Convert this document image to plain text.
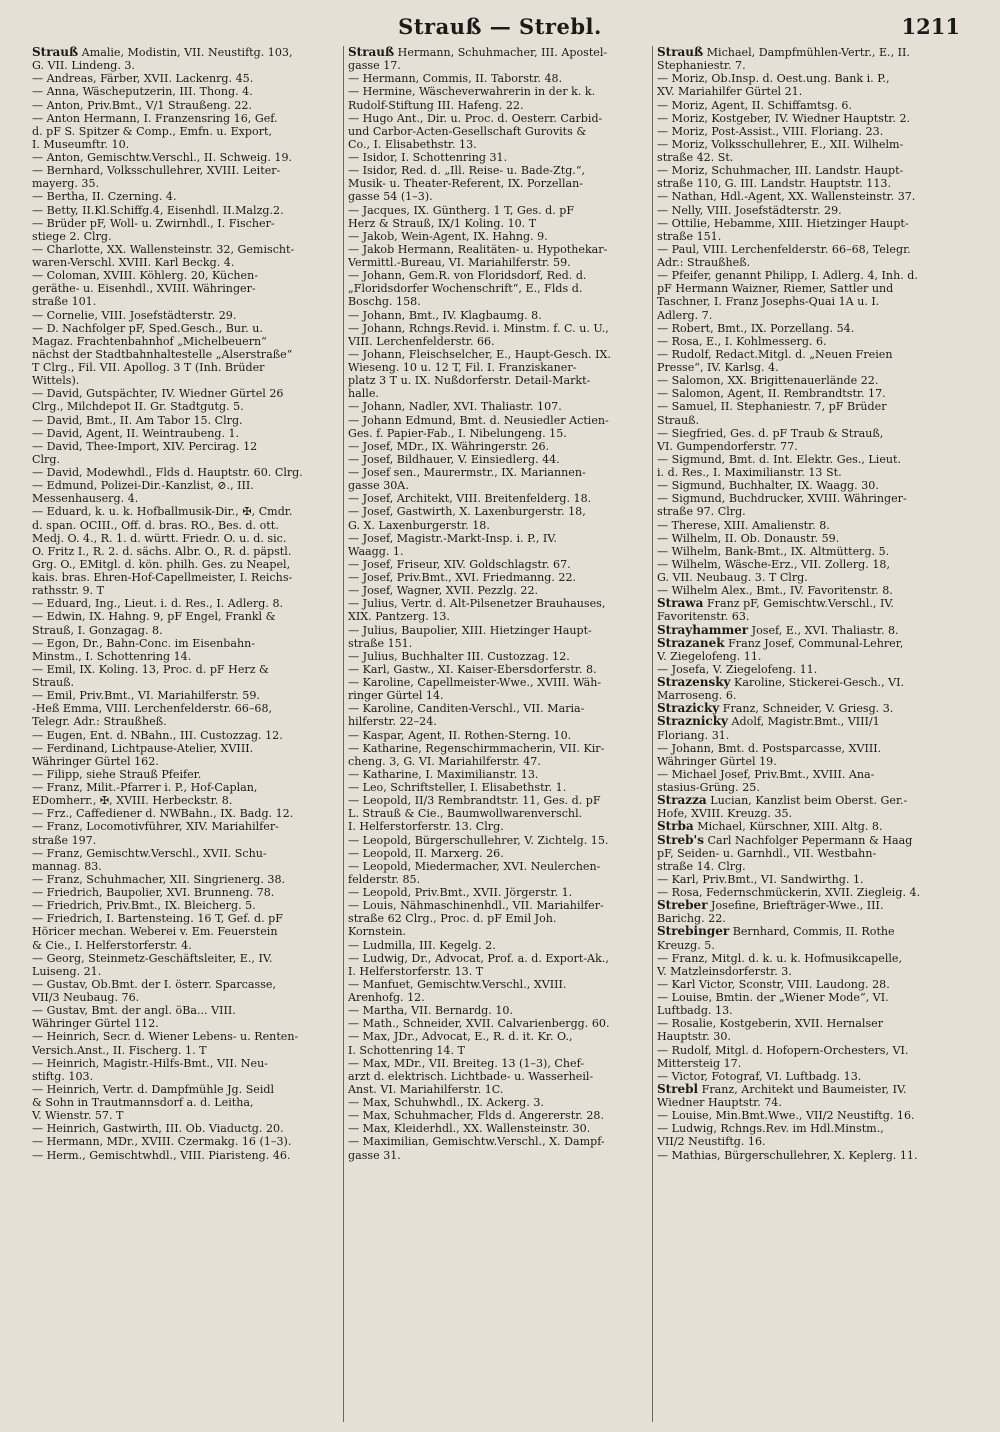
Strauß — Strebl.	1211
Strauß Amalie, Modistin, VII. Neustiftg. 103,
G. VII. Lindeng. 3.
— Andreas, Färber, XVII. Lackenrg. 45.
— Anna, Wäscheputzerin, III. Thong. 4.
— Anton, Priv.Bmt., V/1 Straußeng. 22.
— Anton Hermann, I. Franzensring 16, Gef.
d. pF S. Spitzer & Comp., Emfn. u. Export,
I. Museumftr. 10.
— Anton, Gemischtw.Verschl., II. Schweig. 19.
— Bernhard, Volksschullehrer, XVIII. Leiter-
mayerg. 35.
— Bertha, II. Czerning. 4.
— Betty, II.Kl.Schiffg.4, Eisenhdl. II.Malzg.2.
— Brüder pF, Woll- u. Zwirnhdl., I. Fischer-
stiege 2. Clrg.
— Charlotte, XX. Wallensteinstr. 32, Gemischt-
waren-Verschl. XVIII. Karl Beckg. 4.
— Coloman, XVIII. Köhlerg. 20, Küchen-
geräthe- u. Eisenhdl., XVIII. Währinger-
straße 101.
— Cornelie, VIII. Josefstädterstr. 29.
— D. Nachfolger pF, Sped.Gesch., Bur. u.
Magaz. Frachtenbahnhof „Michelbeuern“
nächst der Stadtbahnhaltestelle „Alserstraße“
T Clrg., Fil. VII. Apollog. 3 T (Inh. Brüder
Wittels).
— David, Gutspächter, IV. Wiedner Gürtel 26
Clrg., Milchdepot II. Gr. Stadtgutg. 5.
— David, Bmt., II. Am Tabor 15. Clrg.
— David, Agent, II. Weintraubeng. 1.
— David, Thee-Import, XIV. Percirag. 12
Clrg.
— David, Modewhdl., Flds d. Hauptstr. 60. Clrg.
— Edmund, Polizei-Dir.-Kanzlist, ⊘., III.
Messenhauserg. 4.
— Eduard, k. u. k. Hofballmusik-Dir., ✠, Cmdr.
d. span. OCIII., Off. d. bras. RO., Bes. d. ott.
Medj. O. 4., R. 1. d. württ. Friedr. O. u. d. sic.
O. Fritz I., R. 2. d. sächs. Albr. O., R. d. päpstl.
Grg. O., EMitgl. d. kön. philh. Ges. zu Neapel,
kais. bras. Ehren-Hof-Capellmeister, I. Reichs-
rathsstr. 9. T
— Eduard, Ing., Lieut. i. d. Res., I. Adlerg. 8.
— Edwin, IX. Hahng. 9, pF Engel, Frankl &
Strauß, I. Gonzagag. 8.
— Egon, Dr., Bahn-Conc. im Eisenbahn-
Minstm., I. Schottenring 14.
— Emil, IX. Koling. 13, Proc. d. pF Herz &
Strauß.
— Emil, Priv.Bmt., VI. Mariahilferstr. 59.
-Heß Emma, VIII. Lerchenfelderstr. 66–68,
Telegr. Adr.: Straußheß.
— Eugen, Ent. d. NBahn., III. Custozzag. 12.
— Ferdinand, Lichtpause-Atelier, XVIII.
Währinger Gürtel 162.
— Filipp, siehe Strauß Pfeifer.
— Franz, Milit.-Pfarrer i. P., Hof-Caplan,
EDomherr., ✠, XVIII. Herbeckstr. 8.
— Frz., Caffediener d. NWBahn., IX. Badg. 12.
— Franz, Locomotivführer, XIV. Mariahilfer-
straße 197.
— Franz, Gemischtw.Verschl., XVII. Schu-
mannag. 83.
— Franz, Schuhmacher, XII. Singrienerg. 38.
— Friedrich, Baupolier, XVI. Brunneng. 78.
— Friedrich, Priv.Bmt., IX. Bleicherg. 5.
— Friedrich, I. Bartensteing. 16 T, Gef. d. pF
Höricer mechan. Weberei v. Em. Feuerstein
& Cie., I. Helferstorferstr. 4.
— Georg, Steinmetz-Geschäftsleiter, E., IV.
Luiseng. 21.
— Gustav, Ob.Bmt. der I. österr. Sparcasse,
VII/3 Neubaug. 76.
— Gustav, Bmt. der angl. öBa... VIII.
Währinger Gürtel 112.
— Heinrich, Secr. d. Wiener Lebens- u. Renten-
Versich.Anst., II. Fischerg. 1. T
— Heinrich, Magistr.-Hilfs-Bmt., VII. Neu-
stiftg. 103.
— Heinrich, Vertr. d. Dampfmühle Jg. Seidl
& Sohn in Trautmannsdorf a. d. Leitha,
V. Wienstr. 57. T
— Heinrich, Gastwirth, III. Ob. Viaductg. 20.
— Hermann, MDr., XVIII. Czermakg. 16 (1–3).
— Herm., Gemischtwhdl., VIII. Piaristeng. 46.
Strauß Hermann, Schuhmacher, III. Apostel-
gasse 17.
— Hermann, Commis, II. Taborstr. 48.
— Hermine, Wäscheverwahrerin in der k. k.
Rudolf-Stiftung III. Hafeng. 22.
— Hugo Ant., Dir. u. Proc. d. Oesterr. Carbid-
und Carbor-Acten-Gesellschaft Gurovits &
Co., I. Elisabethstr. 13.
— Isidor, I. Schottenring 31.
— Isidor, Red. d. „Ill. Reise- u. Bade-Ztg.“,
Musik- u. Theater-Referent, IX. Porzellan-
gasse 54 (1–3).
— Jacques, IX. Güntherg. 1 T, Ges. d. pF
Herz & Strauß, IX/1 Koling. 10. T
— Jakob, Wein-Agent, IX. Hahng. 9.
— Jakob Hermann, Realitäten- u. Hypothekar-
Vermittl.-Bureau, VI. Mariahilferstr. 59.
— Johann, Gem.R. von Floridsdorf, Red. d.
„Floridsdorfer Wochenschrift“, E., Flds d.
Boschg. 158.
— Johann, Bmt., IV. Klagbaumg. 8.
— Johann, Rchngs.Revid. i. Minstm. f. C. u. U.,
VIII. Lerchenfelderstr. 66.
— Johann, Fleischselcher, E., Haupt-Gesch. IX.
Wieseng. 10 u. 12 T, Fil. I. Franziskaner-
platz 3 T u. IX. Nußdorferstr. Detail-Markt-
halle.
— Johann, Nadler, XVI. Thaliastr. 107.
— Johann Edmund, Bmt. d. Neusiedler Actien-
Ges. f. Papier-Fab., I. Nibelungeng. 15.
— Josef, MDr., IX. Währingerstr. 26.
— Josef, Bildhauer, V. Einsiedlerg. 44.
— Josef sen., Maurermstr., IX. Mariannen-
gasse 30A.
— Josef, Architekt, VIII. Breitenfelderg. 18.
— Josef, Gastwirth, X. Laxenburgerstr. 18,
G. X. Laxenburgerstr. 18.
— Josef, Magistr.-Markt-Insp. i. P., IV.
Waagg. 1.
— Josef, Friseur, XIV. Goldschlagstr. 67.
— Josef, Priv.Bmt., XVI. Friedmanng. 22.
— Josef, Wagner, XVII. Pezzlg. 22.
— Julius, Vertr. d. Alt-Pilsenetzer Brauhauses,
XIX. Pantzerg. 13.
— Julius, Baupolier, XIII. Hietzinger Haupt-
straße 151.
— Julius, Buchhalter III. Custozzag. 12.
— Karl, Gastw., XI. Kaiser-Ebersdorferstr. 8.
— Karoline, Capellmeister-Wwe., XVIII. Wäh-
ringer Gürtel 14.
— Karoline, Canditen-Verschl., VII. Maria-
hilferstr. 22–24.
— Kaspar, Agent, II. Rothen-Sterng. 10.
— Katharine, Regenschirmmacherin, VII. Kir-
cheng. 3, G. VI. Mariahilferstr. 47.
— Katharine, I. Maximilianstr. 13.
— Leo, Schriftsteller, I. Elisabethstr. 1.
— Leopold, II/3 Rembrandtstr. 11, Ges. d. pF
L. Strauß & Cie., Baumwollwarenverschl.
I. Helferstorferstr. 13. Clrg.
— Leopold, Bürgerschullehrer, V. Zichtelg. 15.
— Leopold, II. Marxerg. 26.
— Leopold, Miedermacher, XVI. Neulerchen-
felderstr. 85.
— Leopold, Priv.Bmt., XVII. Jörgerstr. 1.
— Louis, Nähmaschinenhdl., VII. Mariahilfer-
straße 62 Clrg., Proc. d. pF Emil Joh.
Kornstein.
— Ludmilla, III. Kegelg. 2.
— Ludwig, Dr., Advocat, Prof. a. d. Export-Ak.,
I. Helferstorferstr. 13. T
— Manfuet, Gemischtw.Verschl., XVIII.
Arenhofg. 12.
— Martha, VII. Bernardg. 10.
— Math., Schneider, XVII. Calvarienbergg. 60.
— Max, JDr., Advocat, E., R. d. it. Kr. O.,
I. Schottenring 14. T
— Max, MDr., VII. Breiteg. 13 (1–3), Chef-
arzt d. elektrisch. Lichtbade- u. Wasserheil-
Anst. VI. Mariahilferstr. 1C.
— Max, Schuhwhdl., IX. Ackerg. 3.
— Max, Schuhmacher, Flds d. Angererstr. 28.
— Max, Kleiderhdl., XX. Wallensteinstr. 30.
— Maximilian, Gemischtw.Verschl., X. Dampf-
gasse 31.
Strauß Michael, Dampfmühlen-Vertr., E., II.
Stephaniestr. 7.
— Moriz, Ob.Insp. d. Oest.ung. Bank i. P.,
XV. Mariahilfer Gürtel 21.
— Moriz, Agent, II. Schiffamtsg. 6.
— Moriz, Kostgeber, IV. Wiedner Hauptstr. 2.
— Moriz, Post-Assist., VIII. Floriang. 23.
— Moriz, Volksschullehrer, E., XII. Wilhelm-
straße 42. St.
— Moriz, Schuhmacher, III. Landstr. Haupt-
straße 110, G. III. Landstr. Hauptstr. 113.
— Nathan, Hdl.-Agent, XX. Wallensteinstr. 37.
— Nelly, VIII. Josefstädterstr. 29.
— Ottilie, Hebamme, XIII. Hietzinger Haupt-
straße 151.
— Paul, VIII. Lerchenfelderstr. 66–68, Telegr.
Adr.: Straußheß.
— Pfeifer, genannt Philipp, I. Adlerg. 4, Inh. d.
pF Hermann Waizner, Riemer, Sattler und
Taschner, I. Franz Josephs-Quai 1A u. I.
Adlerg. 7.
— Robert, Bmt., IX. Porzellang. 54.
— Rosa, E., I. Kohlmesserg. 6.
— Rudolf, Redact.Mitgl. d. „Neuen Freien
Presse“, IV. Karlsg. 4.
— Salomon, XX. Brigittenauerlände 22.
— Salomon, Agent, II. Rembrandtstr. 17.
— Samuel, II. Stephaniestr. 7, pF Brüder
Strauß.
— Siegfried, Ges. d. pF Traub & Strauß,
VI. Gumpendorferstr. 77.
— Sigmund, Bmt. d. Int. Elektr. Ges., Lieut.
i. d. Res., I. Maximilianstr. 13 St.
— Sigmund, Buchhalter, IX. Waagg. 30.
— Sigmund, Buchdrucker, XVIII. Währinger-
straße 97. Clrg.
— Therese, XIII. Amalienstr. 8.
— Wilhelm, II. Ob. Donaustr. 59.
— Wilhelm, Bank-Bmt., IX. Altmütterg. 5.
— Wilhelm, Wäsche-Erz., VII. Zollerg. 18,
G. VII. Neubaug. 3. T Clrg.
— Wilhelm Alex., Bmt., IV. Favoritenstr. 8.
Strawa Franz pF, Gemischtw.Verschl., IV.
Favoritenstr. 63.
Strayhammer Josef, E., XVI. Thaliastr. 8.
Strazanek Franz Josef, Communal-Lehrer,
V. Ziegelofeng. 11.
— Josefa, V. Ziegelofeng. 11.
Strazensky Karoline, Stickerei-Gesch., VI.
Marroseng. 6.
Strazicky Franz, Schneider, V. Griesg. 3.
Straznicky Adolf, Magistr.Bmt., VIII/1
Floriang. 31.
— Johann, Bmt. d. Postsparcasse, XVIII.
Währinger Gürtel 19.
— Michael Josef, Priv.Bmt., XVIII. Ana-
stasius-Grüng. 25.
Strazza Lucian, Kanzlist beim Oberst. Ger.-
Hofe, XVIII. Kreuzg. 35.
Strba Michael, Kürschner, XIII. Altg. 8.
Streb's Carl Nachfolger Pepermann & Haag
pF, Seiden- u. Garnhdl., VII. Westbahn-
straße 14. Clrg.
— Karl, Priv.Bmt., VI. Sandwirthg. 1.
— Rosa, Federnschmückerin, XVII. Ziegleig. 4.
Streber Josefine, Briefträger-Wwe., III.
Barichg. 22.
Strebinger Bernhard, Commis, II. Rothe
Kreuzg. 5.
— Franz, Mitgl. d. k. u. k. Hofmusikcapelle,
V. Matzleinsdorferstr. 3.
— Karl Victor, Sconstr, VIII. Laudong. 28.
— Louise, Bmtin. der „Wiener Mode“, VI.
Luftbadg. 13.
— Rosalie, Kostgeberin, XVII. Hernalser
Hauptstr. 30.
— Rudolf, Mitgl. d. Hofopern-Orchesters, VI.
Mittersteig 17.
— Victor, Fotograf, VI. Luftbadg. 13.
Strebl Franz, Architekt und Baumeister, IV.
Wiedner Hauptstr. 74.
— Louise, Min.Bmt.Wwe., VII/2 Neustiftg. 16.
— Ludwig, Rchngs.Rev. im Hdl.Minstm.,
VII/2 Neustiftg. 16.
— Mathias, Bürgerschullehrer, X. Keplerg. 11.
